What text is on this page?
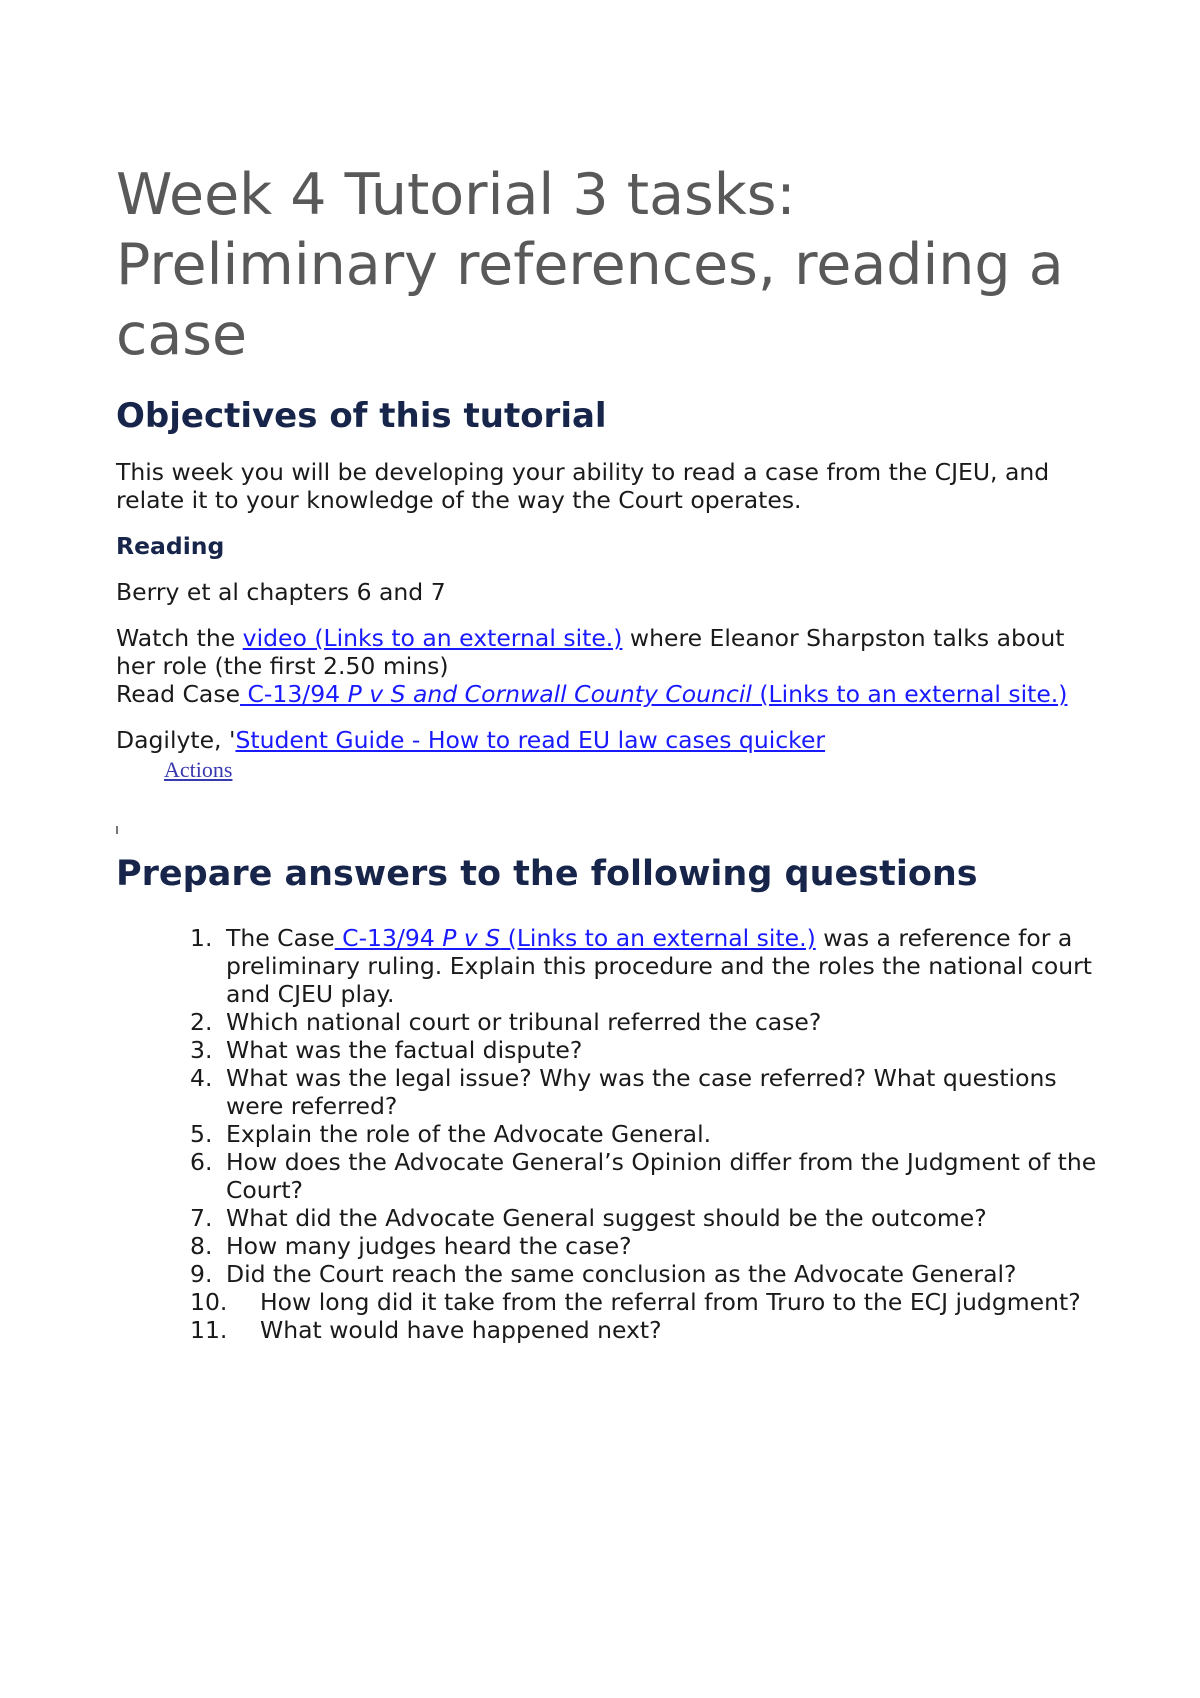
Week 4 Tutorial 3 tasks: Preliminary references, reading a case
Objectives of this tutorial

This week you will be developing your ability to read a case from the CJEU, and relate it to your knowledge of the way the Court operates.

Reading

Berry et al chapters 6 and 7

Watch the video (Links to an external site.) where Eleanor Sharpston talks about her role (the first 2.50 mins)

Read Case C-13/94 P v S and Cornwall County Council (Links to an external site.)

Dagilyte, 'Student Guide - How to read EU law cases quicker

Actions

Prepare answers to the following questions
1. The Case C-13/94 P v S (Links to an external site.) was a reference for a preliminary ruling. Explain this procedure and the roles the national court and CJEU play.
2. Which national court or tribunal referred the case?
3. What was the factual dispute?
4. What was the legal issue? Why was the case referred? What questions were referred?
5. Explain the role of the Advocate General.
6. How does the Advocate General’s Opinion differ from the Judgment of the Court?
7. What did the Advocate General suggest should be the outcome?
8. How many judges heard the case?
9. Did the Court reach the same conclusion as the Advocate General?
10. How long did it take from the referral from Truro to the ECJ judgment?
11. What would have happened next?
